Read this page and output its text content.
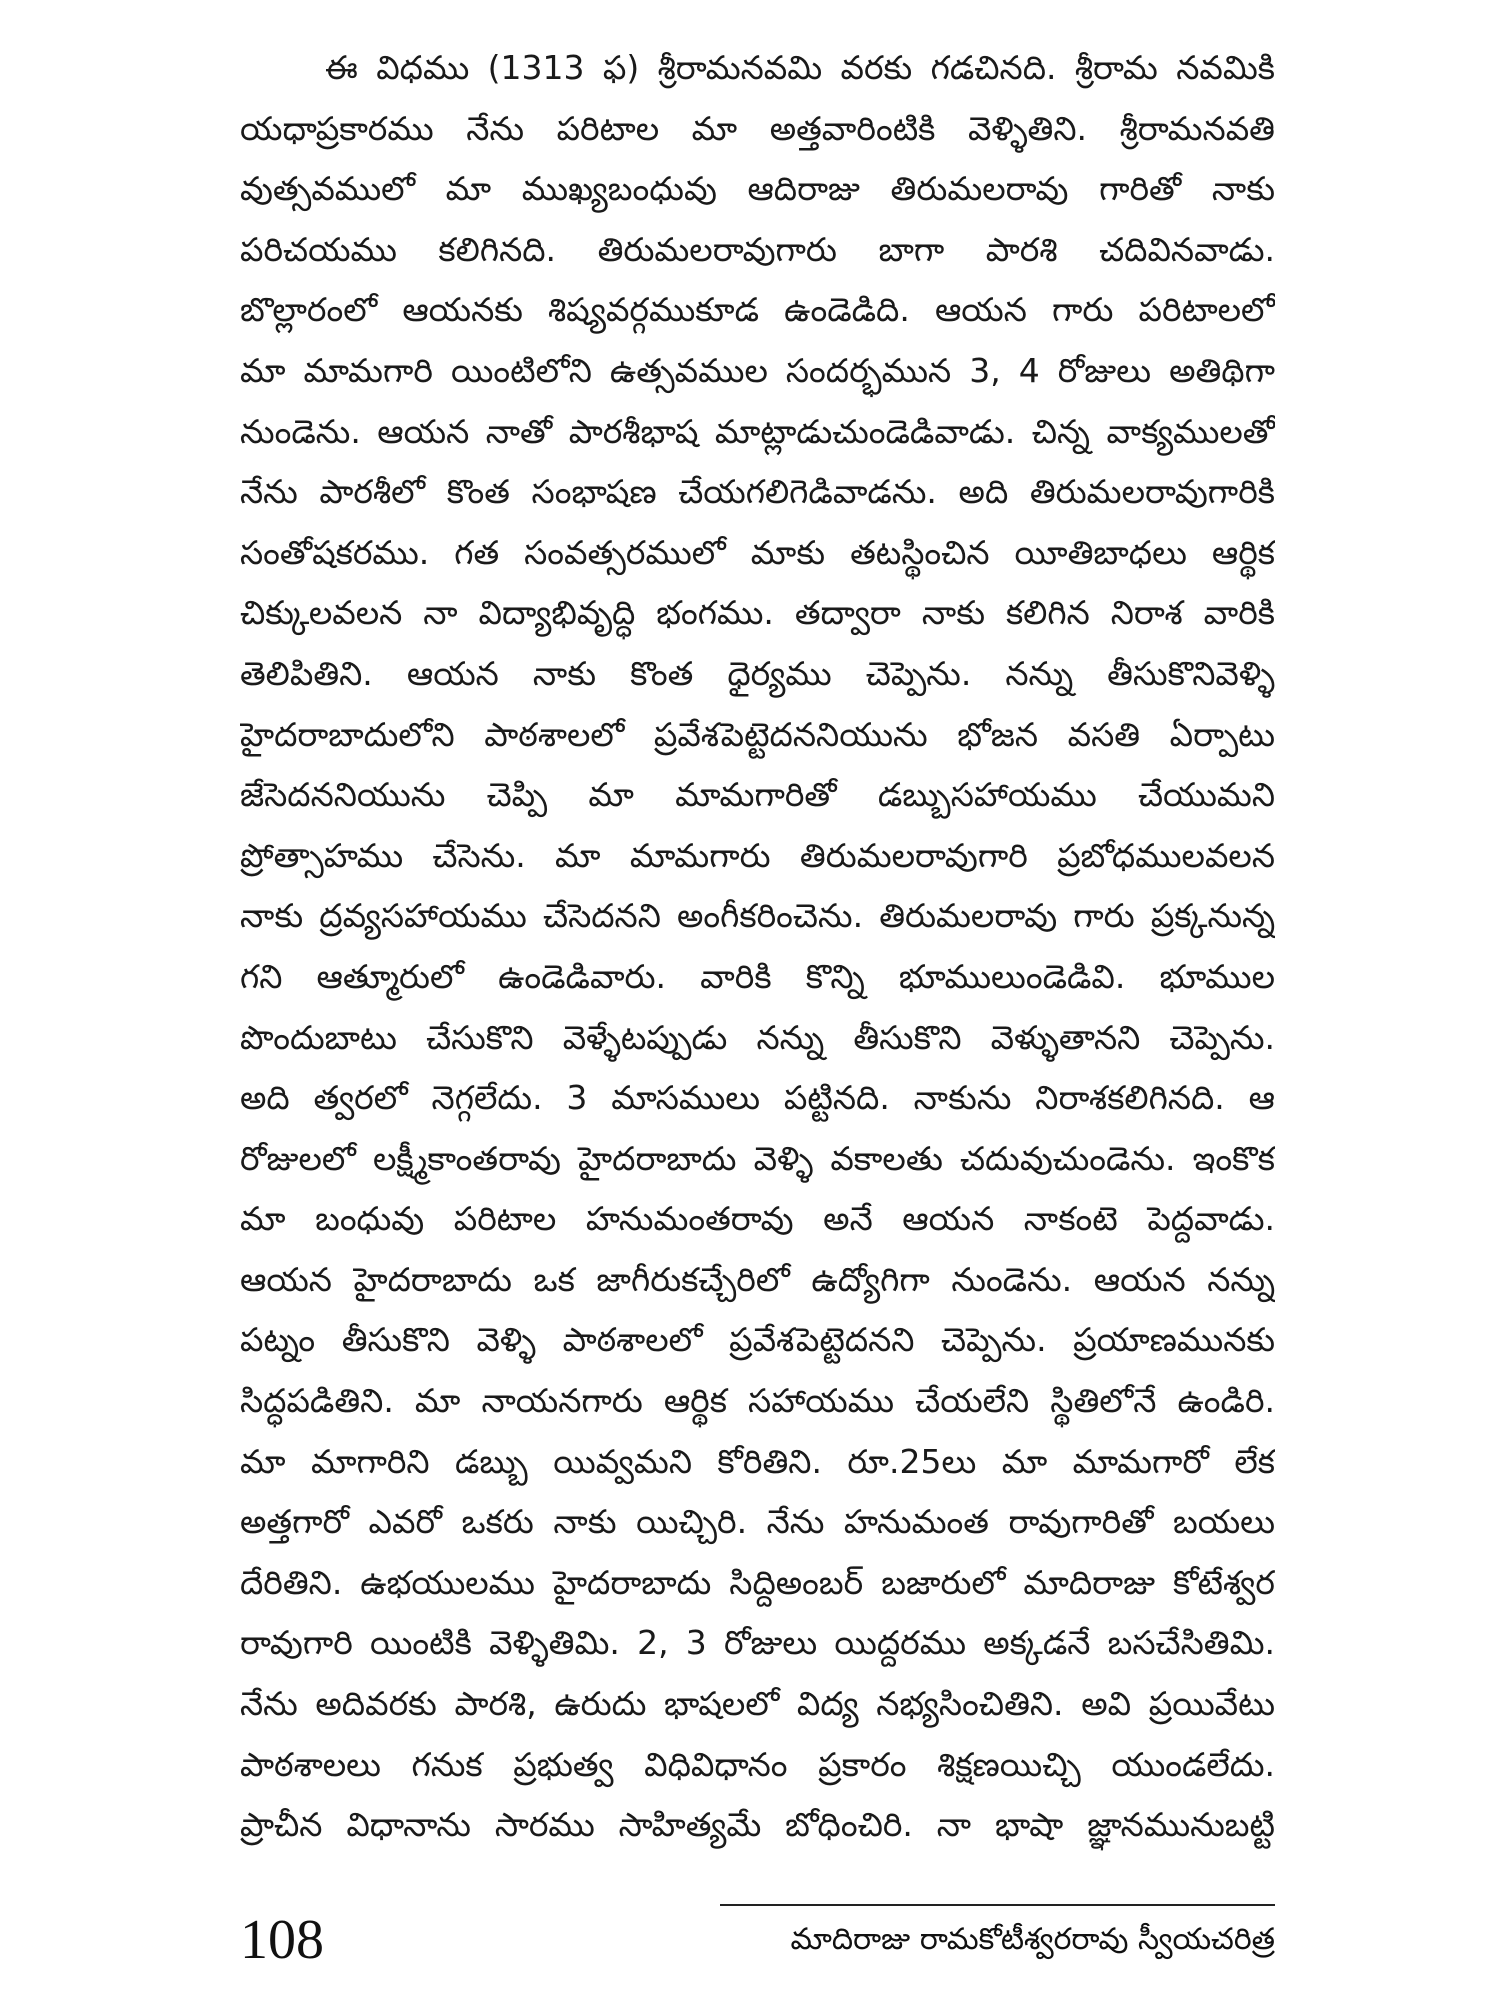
ఈ విధము (1313 ఫ) శ్రీరామనవమి వరకు గడచినది. శ్రీరామ నవమికి
యధాప్రకారము నేను పరిటాల మా అత్తవారింటికి వెళ్ళితిని. శ్రీరామనవతి
వుత్సవములో మా ముఖ్యబంధువు ఆదిరాజు తిరుమలరావు గారితో నాకు
పరిచయము కలిగినది. తిరుమలరావుగారు బాగా పారశి చదివినవాడు.
బొల్లారంలో ఆయనకు శిష్యవర్గముకూడ ఉండెడిది. ఆయన గారు పరిటాలలో
మా మామగారి యింటిలోని ఉత్సవముల సందర్భమున 3, 4 రోజులు అతిథిగా
నుండెను. ఆయన నాతో పారశీభాష మాట్లాడుచుండెడివాడు. చిన్న వాక్యములతో
నేను పారశీలో కొంత సంభాషణ చేయగలిగెడివాడను. అది తిరుమలరావుగారికి
సంతోషకరము. గత సంవత్సరములో మాకు తటస్థించిన యీతిబాధలు ఆర్థిక
చిక్కులవలన నా విద్యాభివృద్ధి భంగము. తద్వారా నాకు కలిగిన నిరాశ వారికి
తెలిపితిని. ఆయన నాకు కొంత ధైర్యము చెప్పెను. నన్ను తీసుకొనివెళ్ళి
హైదరాబాదులోని పాఠశాలలో ప్రవేశపెట్టెదననియును భోజన వసతి ఏర్పాటు
జేసెదననియును చెప్పి మా మామగారితో డబ్బుసహాయము చేయుమని
ప్రోత్సాహము చేసెను. మా మామగారు తిరుమలరావుగారి ప్రబోధములవలన
నాకు ద్రవ్యసహాయము చేసెదనని అంగీకరించెను. తిరుమలరావు గారు ప్రక్కనున్న
గని ఆత్మూరులో ఉండెడివారు. వారికి కొన్ని భూములుండెడివి. భూముల
పొందుబాటు చేసుకొని వెళ్ళేటప్పుడు నన్ను తీసుకొని వెళ్ళుతానని చెప్పెను.
అది త్వరలో నెగ్గలేదు. 3 మాసములు పట్టినది. నాకును నిరాశకలిగినది. ఆ
రోజులలో లక్ష్మీకాంతరావు హైదరాబాదు వెళ్ళి వకాలతు చదువుచుండెను. ఇంకొక
మా బంధువు పరిటాల హనుమంతరావు అనే ఆయన నాకంటె పెద్దవాడు.
ఆయన హైదరాబాదు ఒక జాగీరుకచ్చేరిలో ఉద్యోగిగా నుండెను. ఆయన నన్ను
పట్నం తీసుకొని వెళ్ళి పాఠశాలలో ప్రవేశపెట్టెదనని చెప్పెను. ప్రయాణమునకు
సిద్ధపడితిని. మా నాయనగారు ఆర్థిక సహాయము చేయలేని స్థితిలోనే ఉండిరి.
మా మాగారిని డబ్బు యివ్వమని కోరితిని. రూ.25లు మా మామగారో లేక
అత్తగారో ఎవరో ఒకరు నాకు యిచ్చిరి. నేను హనుమంత రావుగారితో బయలు
దేరితిని. ఉభయులము హైదరాబాదు సిద్దిఅంబర్ బజారులో మాదిరాజు కోటేశ్వర
రావుగారి యింటికి వెళ్ళితిమి. 2, 3 రోజులు యిద్దరము అక్కడనే బసచేసితిమి.
నేను అదివరకు పారశి, ఉరుదు భాషలలో విద్య నభ్యసించితిని. అవి ప్రయివేటు
పాఠశాలలు గనుక ప్రభుత్వ విధివిధానం ప్రకారం శిక్షణయిచ్చి యుండలేదు.
ప్రాచీన విధానాను సారము సాహిత్యమే బోధించిరి. నా భాషా జ్ఞానమునుబట్టి
108	మాదిరాజు రామకోటీశ్వరరావు స్వీయచరిత్ర
